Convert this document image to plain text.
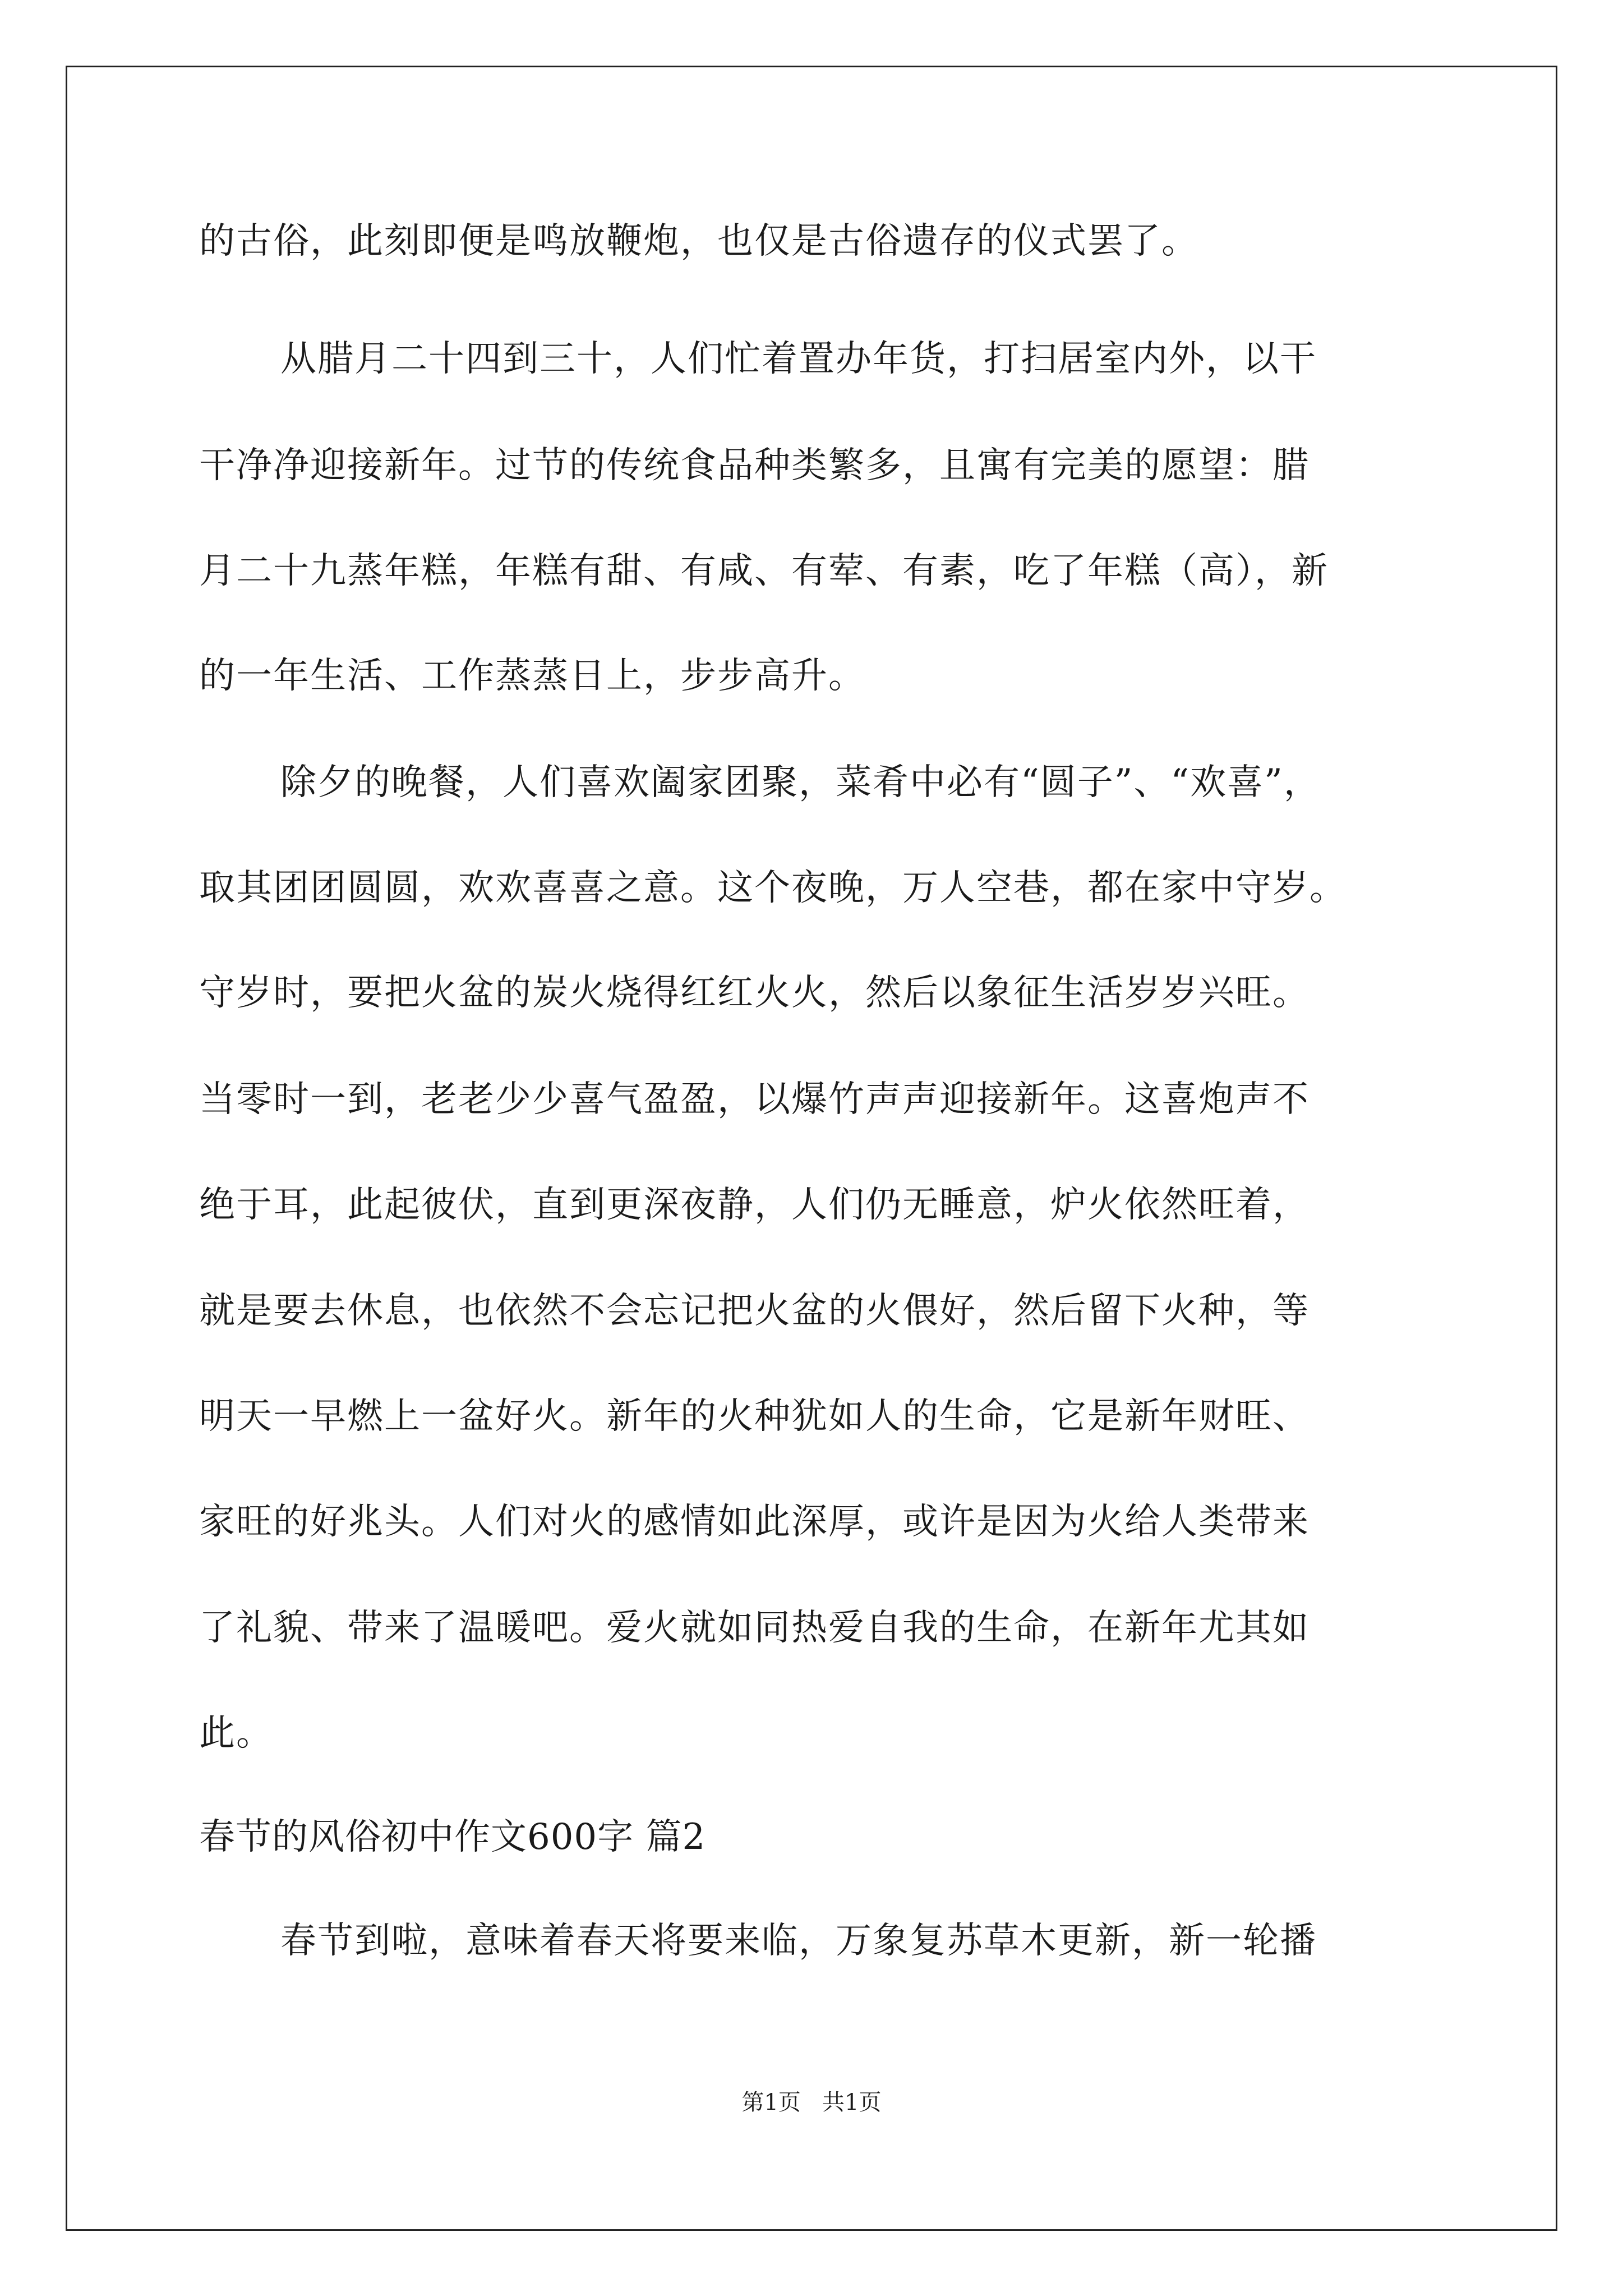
的古俗，此刻即便是鸣放鞭炮，也仅是古俗遗存的仪式罢了。
从腊月二十四到三十，人们忙着置办年货，打扫居室内外，以干
干净净迎接新年。过节的传统食品种类繁多，且寓有完美的愿望：腊
月二十九蒸年糕，年糕有甜、有咸、有荤、有素，吃了年糕（高），新
的一年生活、工作蒸蒸日上，步步高升。
除夕的晚餐，人们喜欢阖家团聚，菜肴中必有“圆子”、“欢喜”，
取其团团圆圆，欢欢喜喜之意。这个夜晚，万人空巷，都在家中守岁。
守岁时，要把火盆的炭火烧得红红火火，然后以象征生活岁岁兴旺。
当零时一到，老老少少喜气盈盈，以爆竹声声迎接新年。这喜炮声不
绝于耳，此起彼伏，直到更深夜静，人们仍无睡意，炉火依然旺着，
就是要去休息，也依然不会忘记把火盆的火偎好，然后留下火种，等
明天一早燃上一盆好火。新年的火种犹如人的生命，它是新年财旺、
家旺的好兆头。人们对火的感情如此深厚，或许是因为火给人类带来
了礼貌、带来了温暖吧。爱火就如同热爱自我的生命，在新年尤其如
此。
春节的风俗初中作文600字 篇2
春节到啦，意味着春天将要来临，万象复苏草木更新，新一轮播
第1页   共1页
